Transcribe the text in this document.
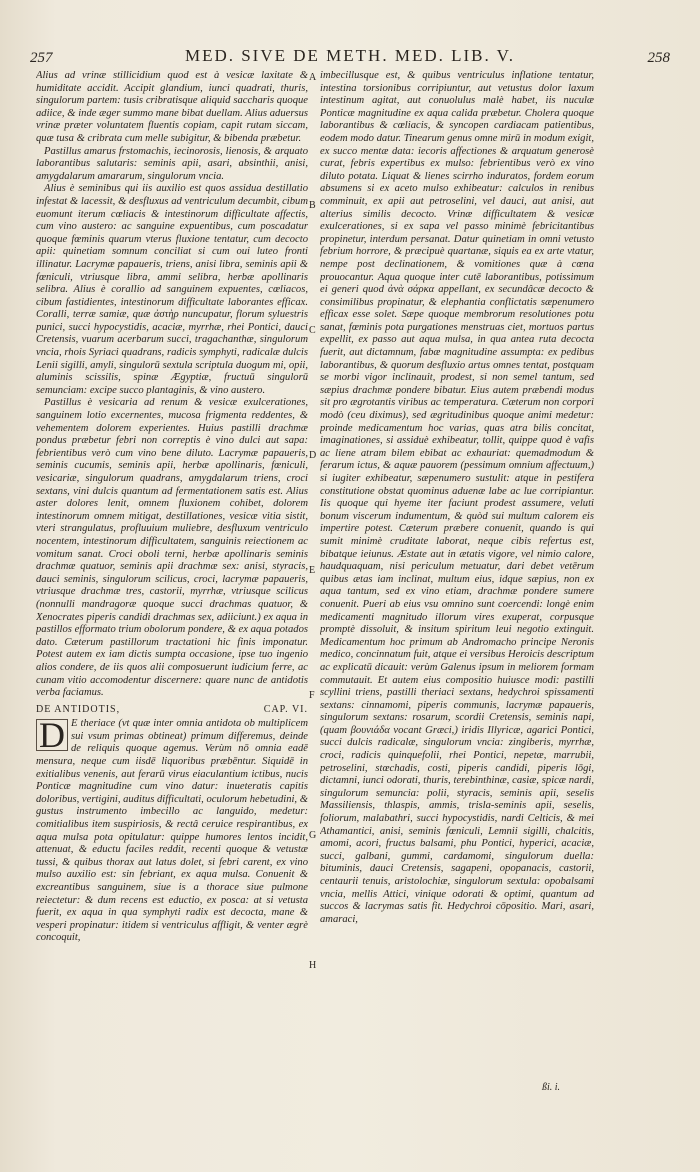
257	MED. SIVE DE METH. MED. LIB. V.	258

Alius ad vrinæ stillicidium quod est à vesicæ laxitate & humiditate accidit. Accipit glandium, iunci quadrati, thuris, singulorum partem: tusis cribratisque aliquid saccharis quoque adiice, & inde æger summo mane bibat duellam. Alius aduersus vrinæ præter voluntatem fluentis copiam, capit rutam siccam, quæ tusa & cribrata cum melle subigitur, & bibenda præbetur.

Pastillus amarus frstomachis, iecinorosis, lienosis, & arquato laborantibus salutaris: seminis apii, asari, absinthii, anisi, amygdalarum amararum, singulorum vncia.

Alius è seminibus qui iis auxilio est quos assidua destillatio infestat & lacessit, & desfluxus ad ventriculum decumbit, cibum euomunt iterum cœliacis & intestinorum difficultate affectis, cum vino austero: ac sanguine expuentibus, cum poscadatur quoque fœminis quarum vterus fluxione tentatur, cum decocto apii: quinetiam somnum conciliat si cum oui luteo fronti illinatur. Lacrymæ papaueris, triens, anisi libra, seminis apii & fœniculi, vtriusque libra, ammi selibra, herbæ apollinaris selibra. Alius è corallio ad sanguinem expuentes, cœliacos, cibum fastidientes, intestinorum difficultate laborantes efficax. Coralli, terræ samiæ, quæ ἀστὴρ nuncupatur, florum syluestris punici, succi hypocystidis, acaciæ, myrrhæ, rhei Pontici, dauci Cretensis, vuarum acerbarum succi, tragachanthæ, singulorum vncia, rhois Syriaci quadrans, radicis symphyti, radicalæ dulcis Lenii sigilli, amyli, singulorū sextula scriptula duogum mi, opii, aluminis scissilis, spinæ Ægyptiæ, fructuū singulorū semunciam: excipe succo plantaginis, & vino austero.

Pastillus è vesicaria ad renum & vesicæ exulcerationes, sanguinem lotio excernentes, mucosa frigmenta reddentes, & vehementem dolorem experientes. Huius pastilli drachmæ pondus præbetur febri non correptis è vino dulci aut sapa: febrientibus verò cum vino bene diluto. Lacrymæ papaueris, seminis cucumis, seminis apii, herbæ apollinaris, fœniculi, vesicariæ, singulorum quadrans, amygdalarum triens, croci sextans, vini dulcis quantum ad fermentationem satis est. Alius aster dolores lenit, omnem fluxionem cohibet, dolorem intestinorum omnem mitigat, destillationes, vesicæ vitia sistit, vteri strangulatus, profluuium muliebre, desfluxum ventriculo nocentem, intestinorum difficultatem, sanguinis reiectionem ac vomitum sanat. Croci oboli terni, herbæ apollinaris seminis drachmæ quatuor, seminis apii drachmæ sex: anisi, styracis, dauci seminis, singulorum scilicus, croci, lacrymæ papaueris, vtriusque drachmæ tres, castorii, myrrhæ, vtriusque scilicus (nonnulli mandragoræ quoque succi drachmas quatuor, & Xenocrates piperis candidi drachmas sex, adiiciunt.) ex aqua in pastillos efformato trium obolorum pondere, & ex aqua potados dato. Cæterum pastillorum tractationi hic finis imponatur. Potest autem ex iam dictis sumpta occasione, ipse tuo ingenio alios condere, de iis quos alii composuerunt iudicium ferre, ac cunam vitio accomodentur discernere: quare nunc de antidotis verba faciamus.

DE ANTIDOTIS,	CAP. VI.
D E theriace (vt quæ inter omnia antidota ob multiplicem sui vsum primas obtineat) primum differemus, deinde de reliquis quoque agemus. Verùm nō omnia eadē mensura, neque cum iisdē liquoribus præbēntur. Siquidē in exitialibus venenis, aut ferarū virus eiaculantium ictibus, nucis Ponticæ magnitudine cum vino datur: inueteratis capitis doloribus, vertigini, auditus difficultati, oculorum hebetudini, & gustus instrumento imbecillo ac languido, medetur: comitialibus item suspiriosis, & rectâ ceruice respirantibus, ex aqua mulsa pota opitulatur: quippe humores lentos incidit, attenuat, & eductu faciles reddit, recenti quoque & vetustæ tussi, & quibus thorax aut latus dolet, si febri carent, ex vino mulso auxilio est: sin febriant, ex aqua mulsa. Conuenit & excreantibus sanguinem, siue is a thorace siue pulmone reiectetur: & dum recens est eductio, ex posca: at si vetusta fuerit, ex aqua in qua symphyti radix est decocta, mane & vesperi propinatur: itidem si ventriculus affligit, & venter ægrè concoquit,
A
B
C
D
E
F
G
H

imbecillusque est, & quibus ventriculus inflatione tentatur, intestina torsionibus corripiuntur, aut vetustus dolor laxum intestinum agitat, aut conuolulus malè habet, iis nuculæ Ponticæ magnitudine ex aqua calida præbetur. Cholera quoque laborantibus & cœliacis, & syncopen cardiacam patientibus, eodem modo datur. Tinearum genus omne mirū in modum exigit, ex succo mentæ data: iecoris affectiones & arquatum generosè curat, febris expertibus ex mulso: febrientibus verò ex vino diluto potata. Liquat & lienes scirrho induratos, fordem eorum absumens si ex aceto mulso exhibeatur: calculos in renibus comminuit, ex apii aut petroselini, vel dauci, aut anisi, aut alterius similis decocto. Vrinæ difficultatem & vesicæ exulcerationes, si ex sapa vel passo minimè febricitantibus propinetur, interdum persanat. Datur quinetiam in omni vetusto febrium horrore, & præcipuè quartanæ, siquis ea ex arte vtatur, nempe post declinationem, & vomitiones quæ à cœna prouocantur. Aqua quoque inter cutē laborantibus, potissimum ei generi quod ἀνὰ σάρκα appellant, ex secundâcæ decocto & consimilibus propinatur, & elephantia conflictatis sæpenumero efficax esse solet. Sæpe quoque membrorum resolutiones potu sanat, fœminis pota purgationes menstruas ciet, mortuos partus expellit, ex passo aut aqua mulsa, in qua antea ruta decocta fuerit, aut dictamnum, fabæ magnitudine assumpta: ex pedibus laborantibus, & quorum desfluxio artus omnes tentat, postquam se morbi vigor inclinauit, prodest, si non semel tantum, sed sæpius drachmæ pondere bibatur. Eius autem præbendi modus sit pro ægrotantis viribus ac temperatura. Cæterum non corpori modò (ceu diximus), sed ægritudinibus quoque animi medetur: proinde medicamentum hoc varias, quas atra bilis concitat, imaginationes, si assiduè exhibeatur, tollit, quippe quod è vafis ac liene atram bilem ebibat ac exhauriat: quemadmodum & ferarum ictus, & aquæ pauorem (pessimum omnium affectuum,) si iugiter exhibeatur, sæpenumero sustulit: atque in pestifera constitutione obstat quominus aduenæ labe ac lue corripiantur. Iis quoque qui hyeme iter faciunt prodest assumere, veluti bonum viscerum indumentum, & quòd sui multum calorem eis impertire potest. Cæterum præbere conuenit, quando is qui sumit minimè cruditate laborat, neque cibis refertus est, bibatque ieiunus. Æstate aut in ætatis vigore, vel nimio calore, haudquaquam, nisi periculum metuatur, dari debet vetērum quibus ætas iam inclinat, multum eius, idque sæpius, non ex aqua tantum, sed ex vino etiam, drachmæ pondere sumere conuenit. Pueri ab eius vsu omnino sunt coercendi: longè enim medicamenti magnitudo illorum vires exuperat, corpusque promptè dissoluit, & insitum spiritum leui negotio extinguit. Medicamentum hoc primum ab Andromacho principe Neronis medico, concinnatum fuit, atque ei versibus Heroicis descriptum ac explicatū dicauit: verùm Galenus ipsum in meliorem formam commutauit. Et autem eius compositio huiusce modi: pastilli scyllini triens, pastilli theriaci sextans, hedychroi spissamenti sextans: cinnamomi, piperis communis, lacrymæ papaueris, singulorum sextans: rosarum, scordii Cretensis, seminis napi, (quam βουνιάδα vocant Græci,) iridis Illyricæ, agarici Pontici, succi dulcis radicalæ, singulorum vncia: zingiberis, myrrhæ, croci, radicis quinquefolii, rhei Pontici, nepetæ, marrubii, petroselini, stœchadis, costi, piperis candidi, piperis lōgi, dictamni, iunci odorati, thuris, terebinthinæ, casiæ, spicæ nardi, singulorum semuncia: polii, styracis, seminis apii, seselis Massiliensis, thlaspis, ammis, trisla-seminis apii, seselis, foliorum, malabathri, succi hypocystidis, nardi Celticis, & mei Athamantici, anisi, seminis fœniculi, Lemnii sigilli, chalcitis, amomi, acori, fructus balsami, phu Pontici, hyperici, acaciæ, succi, galbani, gummi, cardamomi, singulorum duella: bituminis, dauci Cretensis, sagapeni, opopanacis, castorii, centaurii tenuis, aristolochiæ, singulorum sextula: opobalsami vncia, mellis Attici, vinique odorati & optimi, quantum ad succos & lacrymas satis fit. Hedychroi cōpositio. Mari, asari, amaraci,

ßi. i.
